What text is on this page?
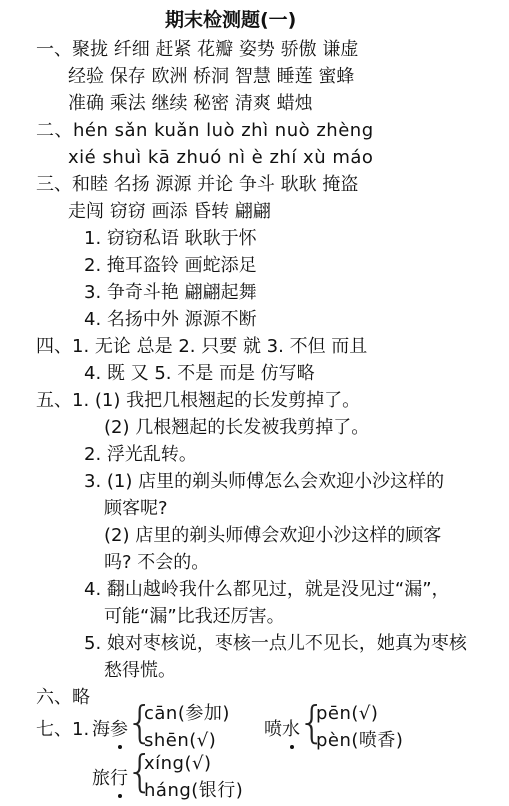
期末检测题(一)
一、聚拢 纤细 赶紧 花瓣 姿势 骄傲 谦虚
经验 保存 欧洲 桥洞 智慧 睡莲 蜜蜂
准确 乘法 继续 秘密 清爽 蜡烛
二、hén sǎn kuǎn luò zhì nuò zhèng
xié shuì kā zhuó nì è zhí xù máo
三、和睦 名扬 源源 并论 争斗 耿耿 掩盗
走闯 窃窃 画添 昏转 翩翩
1. 窃窃私语 耿耿于怀
2. 掩耳盗铃 画蛇添足
3. 争奇斗艳 翩翩起舞
4. 名扬中外 源源不断
四、1. 无论 总是 2. 只要 就 3. 不但 而且
4. 既 又 5. 不是 而是 仿写略
五、1. (1) 我把几根翘起的长发剪掉了。
(2) 几根翘起的长发被我剪掉了。
2. 浮光乱转。
3. (1) 店里的剃头师傅怎么会欢迎小沙这样的
顾客呢?
(2) 店里的剃头师傅会欢迎小沙这样的顾客
吗? 不会的。
4. 翻山越岭我什么都见过，就是没见过“漏”，
可能“漏”比我还厉害。
5. 娘对枣核说，枣核一点儿不见长，她真为枣核
愁得慌。
六、略
七、1. 海参
{
cān(参加)
shēn(√)
喷水
{
pēn(√)
pèn(喷香)
旅行
{
xíng(√)
háng(银行)
